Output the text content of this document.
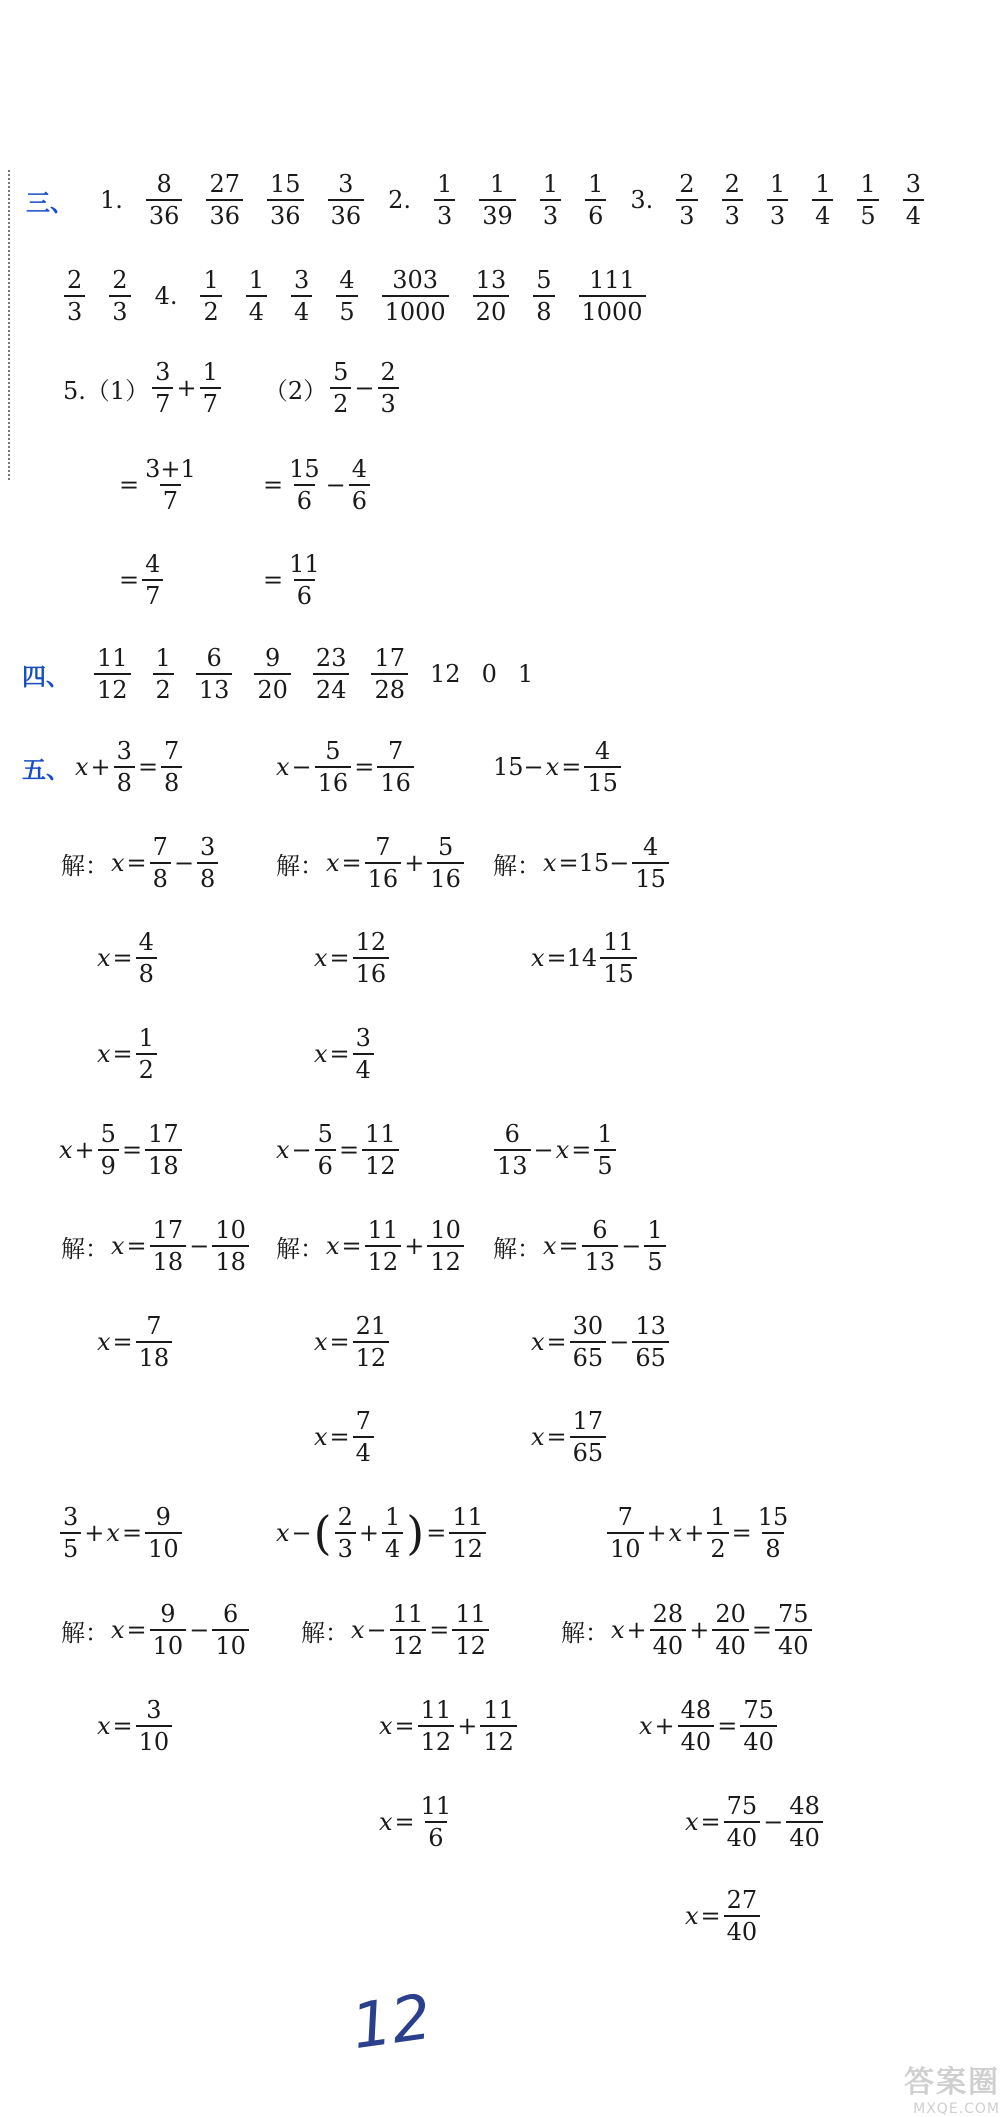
三、 1. $\frac{8}{36} \frac{27}{36} \frac{15}{36} \frac{3}{36} 2$. $\frac{1}{3} \frac{1}{39} \frac{1}{3} \frac{1}{6} 3$. $\frac{2}{3} \frac{2}{3} \frac{1}{3} \frac{1}{4} \frac{1}{5} \frac{3}{4}$
$\frac{2}{3} \frac{2}{3} 4$. $\frac{1}{2} \frac{1}{4} \frac{3}{4} \frac{4}{5} \frac{303}{1000} \frac{13}{20} \frac{5}{8} \frac{111}{1000}$
$5.(1) \frac{3}{7} + \frac{1}{7} (2) \frac{5}{2} - \frac{2}{3}$
= $\frac{3+1}{7}$	= $\frac{15}{6} - \frac{4}{6}$
= $\frac{4}{7}$	= $\frac{11}{6}$
四、 $\frac{11}{12} \frac{1}{2} \frac{6}{13} \frac{9}{20} \frac{23}{24} \frac{17}{28} 12$ 0 1
五、 $x + \frac{3}{8} = \frac{7}{8}$	$x - \frac{5}{16} = \frac{7}{16}$	$15- x = \frac{4}{15}$
解： $x = \frac{7}{8} - \frac{3}{8}$ 解： $x = \frac{7}{16} + \frac{5}{16}$ 解： $x =15- \frac{4}{15}$
$x = \frac{4}{8}$	$x = \frac{12}{16}$	$x =14 \frac{11}{15}$
$x = \frac{1}{2}$	$x = \frac{3}{4}$
$x + \frac{5}{9} = \frac{17}{18}$	$x - \frac{5}{6} = \frac{11}{12}$	$\frac{6}{13} - x = \frac{1}{5}$
解： $x = \frac{17}{18} - \frac{10}{18}$ 解： $x = \frac{11}{12} + \frac{10}{12}$ 解： $x = \frac{6}{13} - \frac{1}{5}$
$x = \frac{7}{18}$	$x = \frac{21}{12}$	$x = \frac{30}{65} - \frac{13}{65}$
$x = \frac{7}{4}$	$x = \frac{17}{65}$
$\frac{3}{5} + x = \frac{9}{10}$	x − ( $\frac{2}{3} + \frac{1}{4}$ ) = $\frac{11}{12}$	$\frac{7}{10} + x + \frac{1}{2} = \frac{15}{8}$
解： $x = \frac{9}{10} - \frac{6}{10}$ 解： $x - \frac{11}{12} = \frac{11}{12}$	解： $x + \frac{28}{40} + \frac{20}{40} = \frac{75}{40}$
$x = \frac{3}{10}$	$x = \frac{11}{12} + \frac{11}{12}$	$x + \frac{48}{40} = \frac{75}{40}$
$x = \frac{11}{6}$	$x = \frac{75}{40} - \frac{48}{40}$
$x = \frac{27}{40}$
12
答案圈
MXQE.COM
